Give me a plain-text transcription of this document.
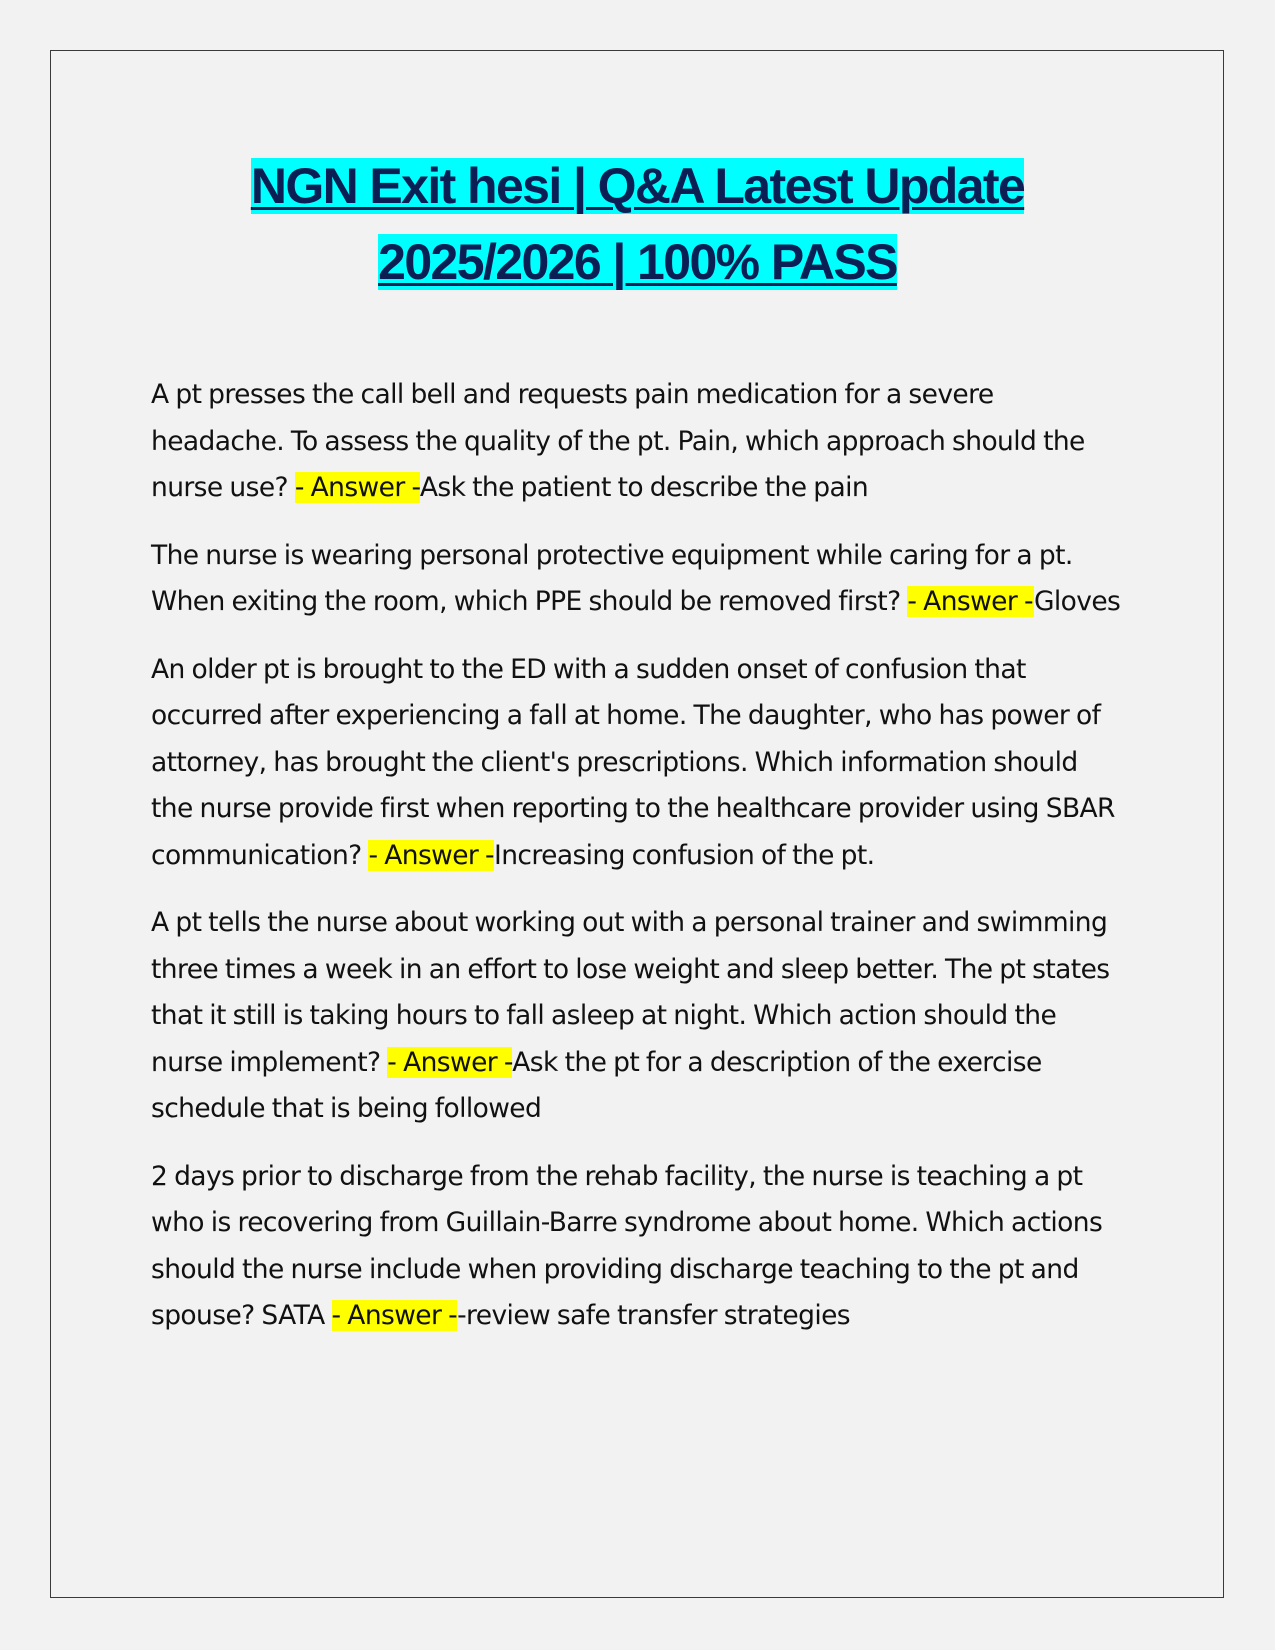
NGN Exit hesi | Q&A Latest Update
2025/2026 | 100% PASS

A pt presses the call bell and requests pain medication for a severe headache. To assess the quality of the pt. Pain, which approach should the nurse use? - Answer -Ask the patient to describe the pain

The nurse is wearing personal protective equipment while caring for a pt. When exiting the room, which PPE should be removed first? - Answer -Gloves

An older pt is brought to the ED with a sudden onset of confusion that occurred after experiencing a fall at home. The daughter, who has power of attorney, has brought the client's prescriptions. Which information should the nurse provide first when reporting to the healthcare provider using SBAR communication? - Answer -Increasing confusion of the pt.

A pt tells the nurse about working out with a personal trainer and swimming three times a week in an effort to lose weight and sleep better. The pt states that it still is taking hours to fall asleep at night. Which action should the nurse implement? - Answer -Ask the pt for a description of the exercise schedule that is being followed

2 days prior to discharge from the rehab facility, the nurse is teaching a pt who is recovering from Guillain-Barre syndrome about home. Which actions should the nurse include when providing discharge teaching to the pt and spouse? SATA - Answer --review safe transfer strategies
